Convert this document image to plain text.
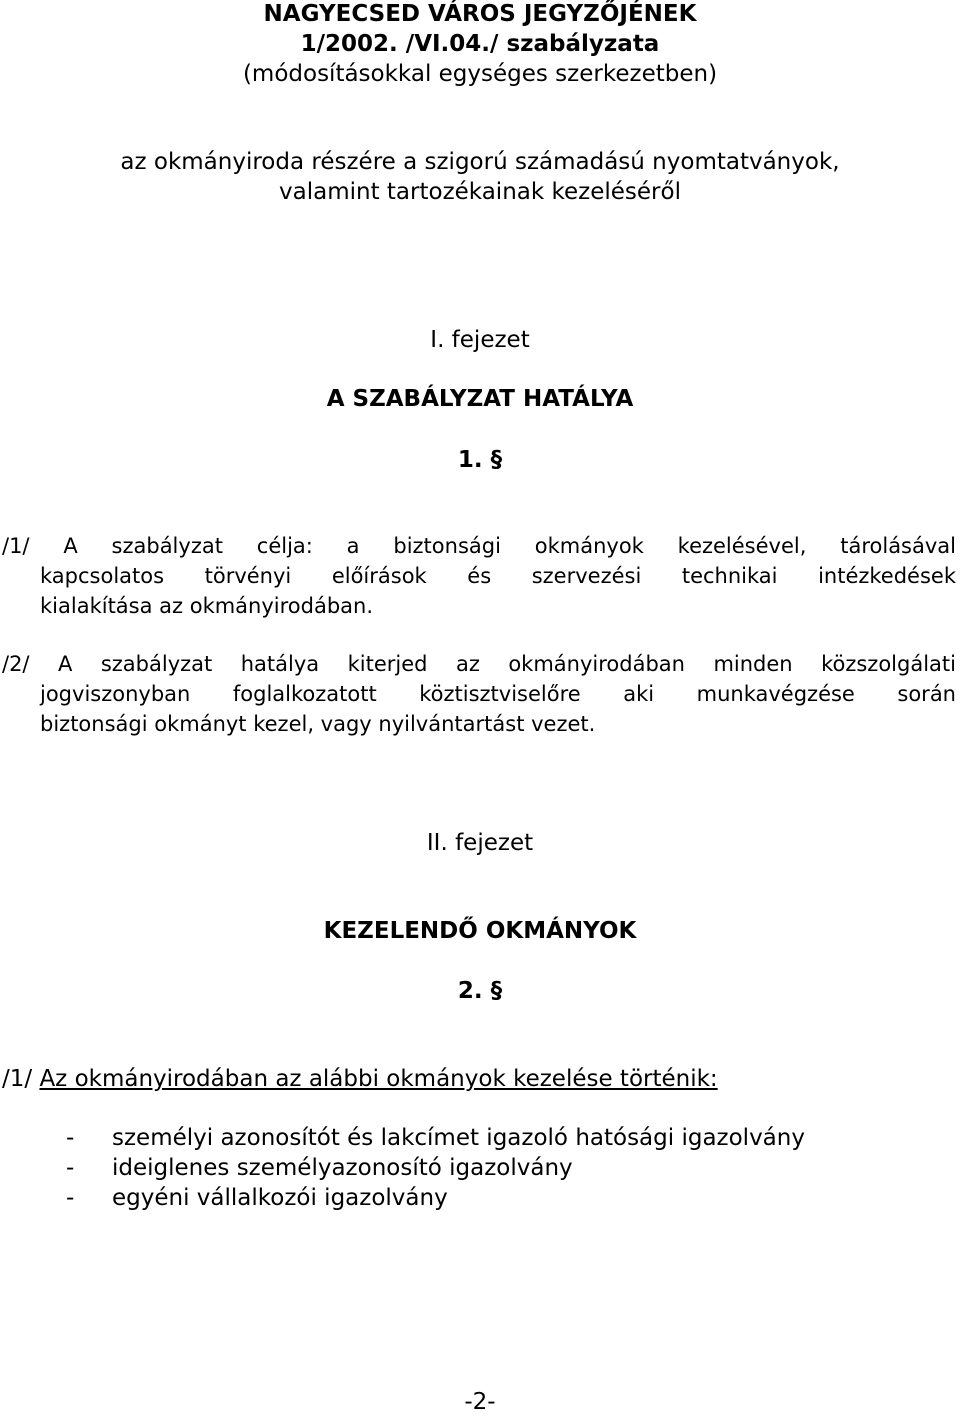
NAGYECSED VÁROS JEGYZŐJÉNEK
1/2002. /VI.04./ szabályzata
(módosításokkal egységes szerkezetben)
az okmányiroda részére a szigorú számadású nyomtatványok,
valamint tartozékainak kezeléséről
I. fejezet
A SZABÁLYZAT HATÁLYA
1. §
/1/ A szabályzat célja: a biztonsági okmányok kezelésével, tárolásával
kapcsolatos törvényi előírások és szervezési technikai intézkedések
kialakítása az okmányirodában.
/2/ A szabályzat hatálya kiterjed az okmányirodában minden közszolgálati
jogviszonyban foglalkozatott köztisztviselőre aki munkavégzése során
biztonsági okmányt kezel, vagy nyilvántartást vezet.
II. fejezet
KEZELENDŐ OKMÁNYOK
2. §
/1/ Az okmányirodában az alábbi okmányok kezelése történik:
- személyi azonosítót és lakcímet igazoló hatósági igazolvány
- ideiglenes személyazonosító igazolvány
- egyéni vállalkozói igazolvány
-2-
